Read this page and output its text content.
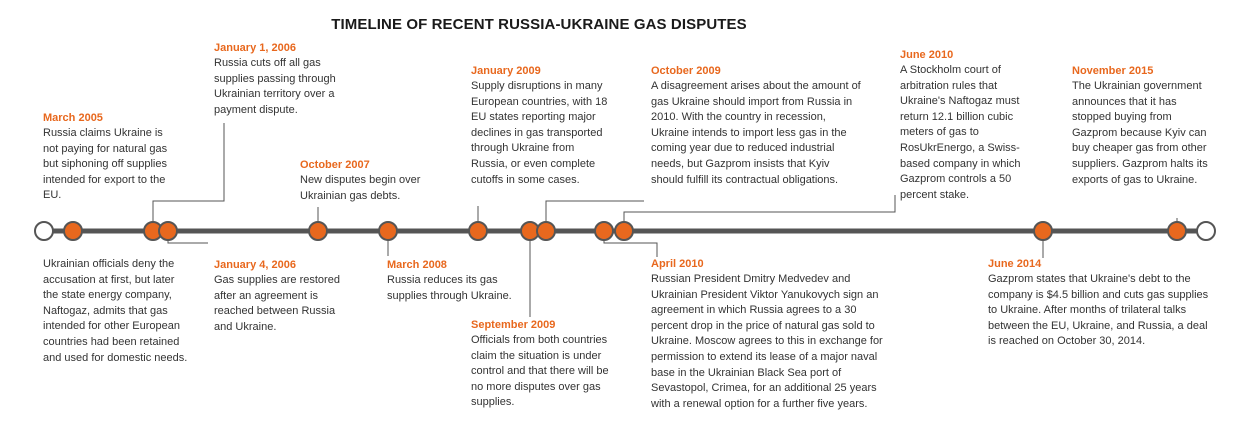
TIMELINE OF RECENT RUSSIA-UKRAINE GAS DISPUTES
March 2005
Russia claims Ukraine is not paying for natural gas but siphoning off supplies intended for export to the EU.
January 1, 2006
Russia cuts off all gas supplies passing through Ukrainian territory over a payment dispute.
October 2007
New disputes begin over Ukrainian gas debts.
January 2009
Supply disruptions in many European countries, with 18 EU states reporting major declines in gas transported through Ukraine from Russia, or even complete cutoffs in some cases.
October 2009
A disagreement arises about the amount of gas Ukraine should import from Russia in 2010. With the country in recession, Ukraine intends to import less gas in the coming year due to reduced industrial needs, but Gazprom insists that Kyiv should fulfill its contractual obligations.
June 2010
A Stockholm court of arbitration rules that Ukraine's Naftogaz must return 12.1 billion cubic meters of gas to RosUkrEnergo, a Swiss-based company in which Gazprom controls a 50 percent stake.
November 2015
The Ukrainian government announces that it has stopped buying from Gazprom because Kyiv can buy cheaper gas from other suppliers. Gazprom halts its exports of gas to Ukraine.
Ukrainian officials deny the accusation at first, but later the state energy company, Naftogaz, admits that gas intended for other European countries had been retained and used for domestic needs.
January 4, 2006
Gas supplies are restored after an agreement is reached between Russia and Ukraine.
March 2008
Russia reduces its gas supplies through Ukraine.
September 2009
Officials from both countries claim the situation is under control and that there will be no more disputes over gas supplies.
April 2010
Russian President Dmitry Medvedev and Ukrainian President Viktor Yanukovych sign an agreement in which Russia agrees to a 30 percent drop in the price of natural gas sold to Ukraine. Moscow agrees to this in exchange for permission to extend its lease of a major naval base in the Ukrainian Black Sea port of Sevastopol, Crimea, for an additional 25 years with a renewal option for a further five years.
June 2014
Gazprom states that Ukraine's debt to the company is $4.5 billion and cuts gas supplies to Ukraine. After months of trilateral talks between the EU, Ukraine, and Russia, a deal is reached on October 30, 2014.
